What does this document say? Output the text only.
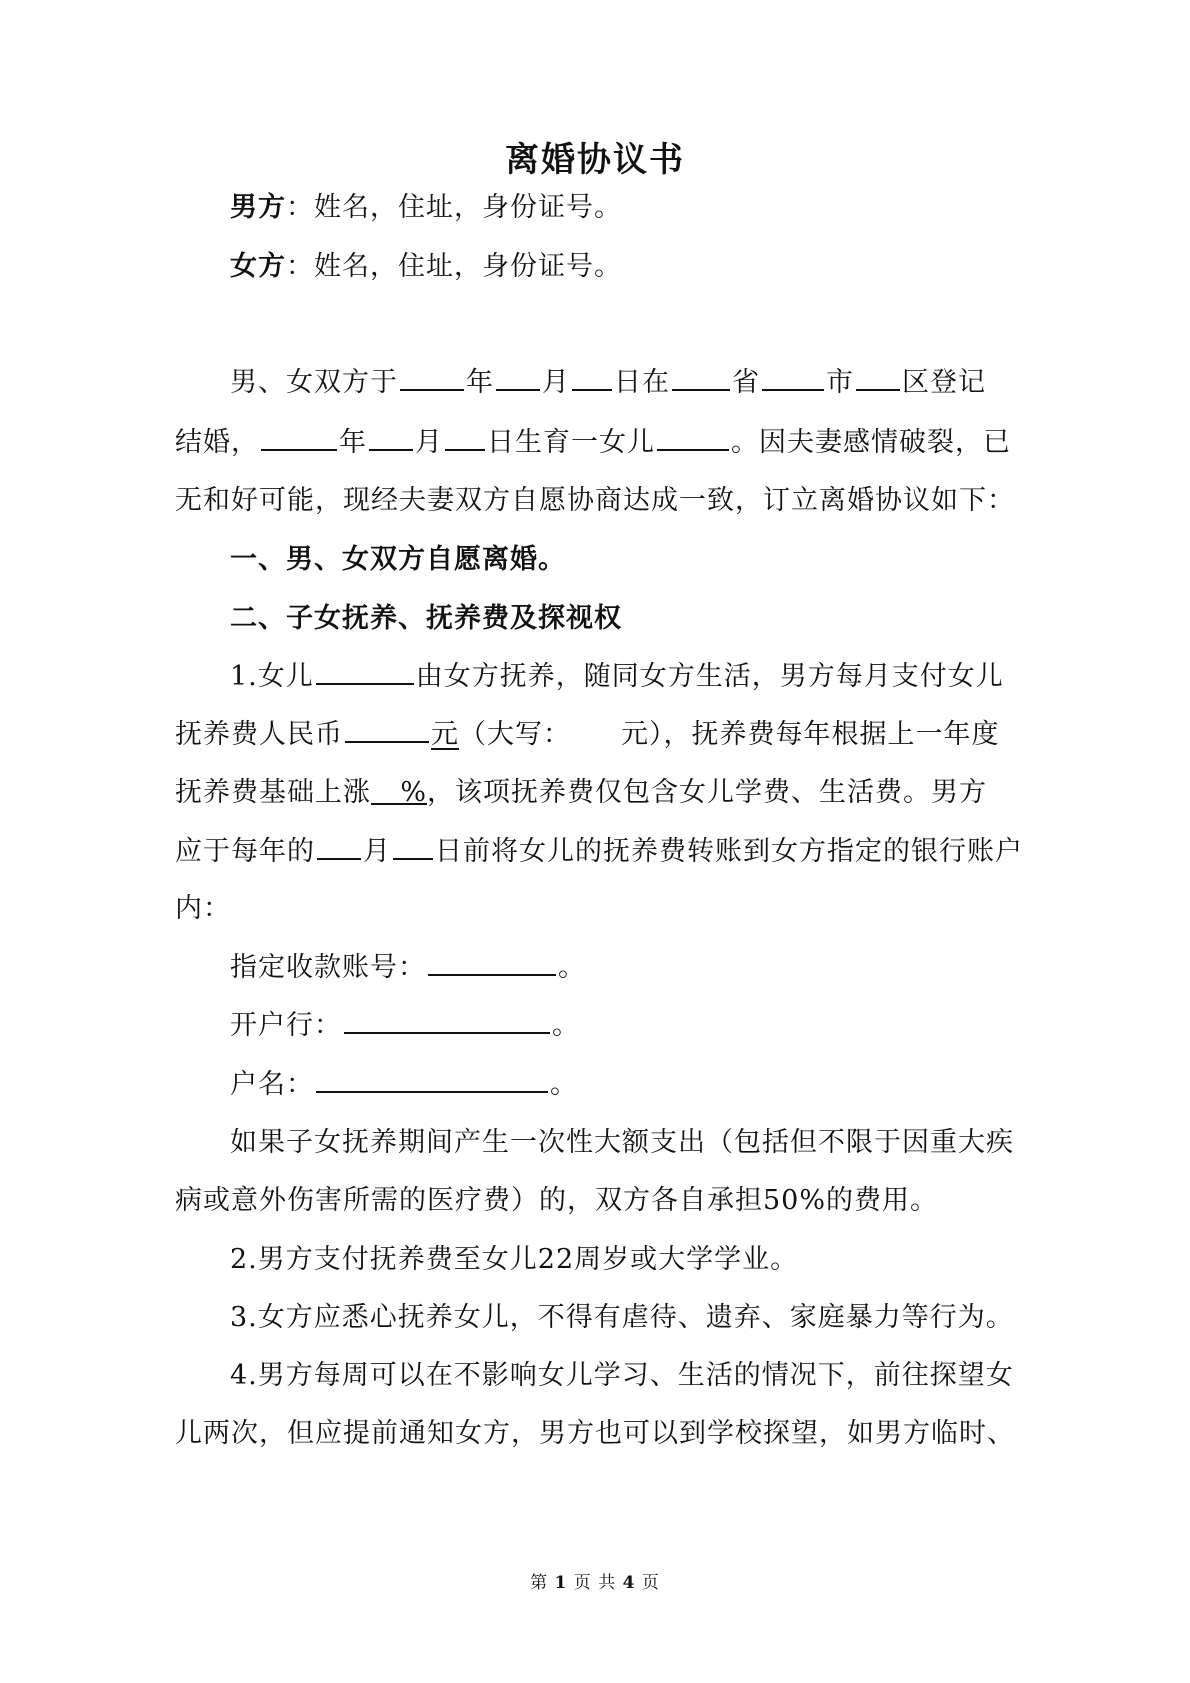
离婚协议书
男方：姓名，住址，身份证号。
女方：姓名，住址，身份证号。
男、女双方于	年 月 日在 省 市 区登记
结婚，	年 月 日生育一女儿	。因夫妻感情破裂，已
无和好可能，现经夫妻双方自愿协商达成一致，订立离婚协议如下：
一、男、女双方自愿离婚。
二、子女抚养、抚养费及探视权
1.女儿	由女方抚养，随同女方生活，男方每月支付女儿
抚养费人民币	元（大写： 元），抚养费每年根据上一年度
抚养费基础上涨 %，该项抚养费仅包含女儿学费、生活费。男方
应于每年的 月 日前将女儿的抚养费转账到女方指定的银行账户
内：
指定收款账号：	。
开户行：	。
户名：	。
如果子女抚养期间产生一次性大额支出（包括但不限于因重大疾
病或意外伤害所需的医疗费）的，双方各自承担50%的费用。
2.男方支付抚养费至女儿22周岁或大学学业。
3.女方应悉心抚养女儿，不得有虐待、遗弃、家庭暴力等行为。
4.男方每周可以在不影响女儿学习、生活的情况下，前往探望女
儿两次，但应提前通知女方，男方也可以到学校探望，如男方临时、
第 1 页 共 4 页
